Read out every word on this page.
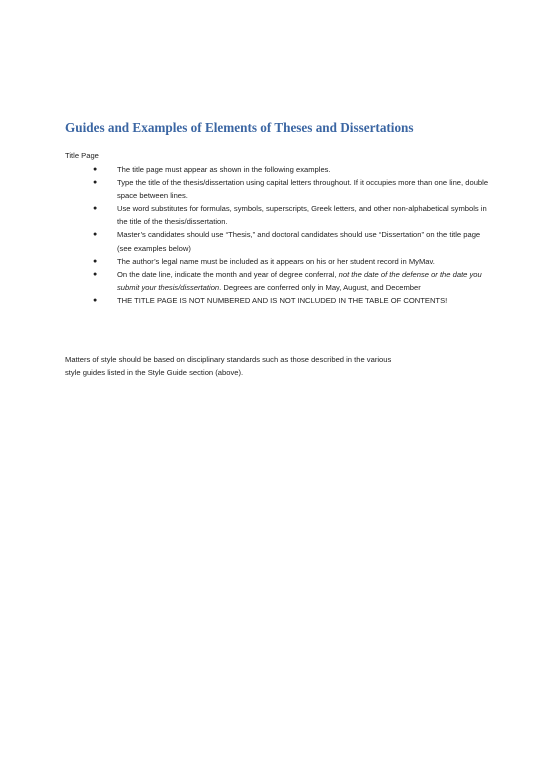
Guides and Examples of Elements of Theses and Dissertations

Title Page

●	The title page must appear as shown in the following examples.
●	Type the title of the thesis/dissertation using capital letters throughout. If it occupies more than one line, double space between lines.
●	Use word substitutes for formulas, symbols, superscripts, Greek letters, and other non-alphabetical symbols in the title of the thesis/dissertation.
●	Master’s candidates should use “Thesis,” and doctoral candidates should use “Dissertation” on the title page (see examples below)
●	The author’s legal name must be included as it appears on his or her student record in MyMav.
●	On the date line, indicate the month and year of degree conferral, not the date of the defense or the date you submit your thesis/dissertation. Degrees are conferred only in May, August, and December
●	THE TITLE PAGE IS NOT NUMBERED AND IS NOT INCLUDED IN THE TABLE OF CONTENTS!

Matters of style should be based on disciplinary standards such as those described in the various
style guides listed in the Style Guide section (above).
